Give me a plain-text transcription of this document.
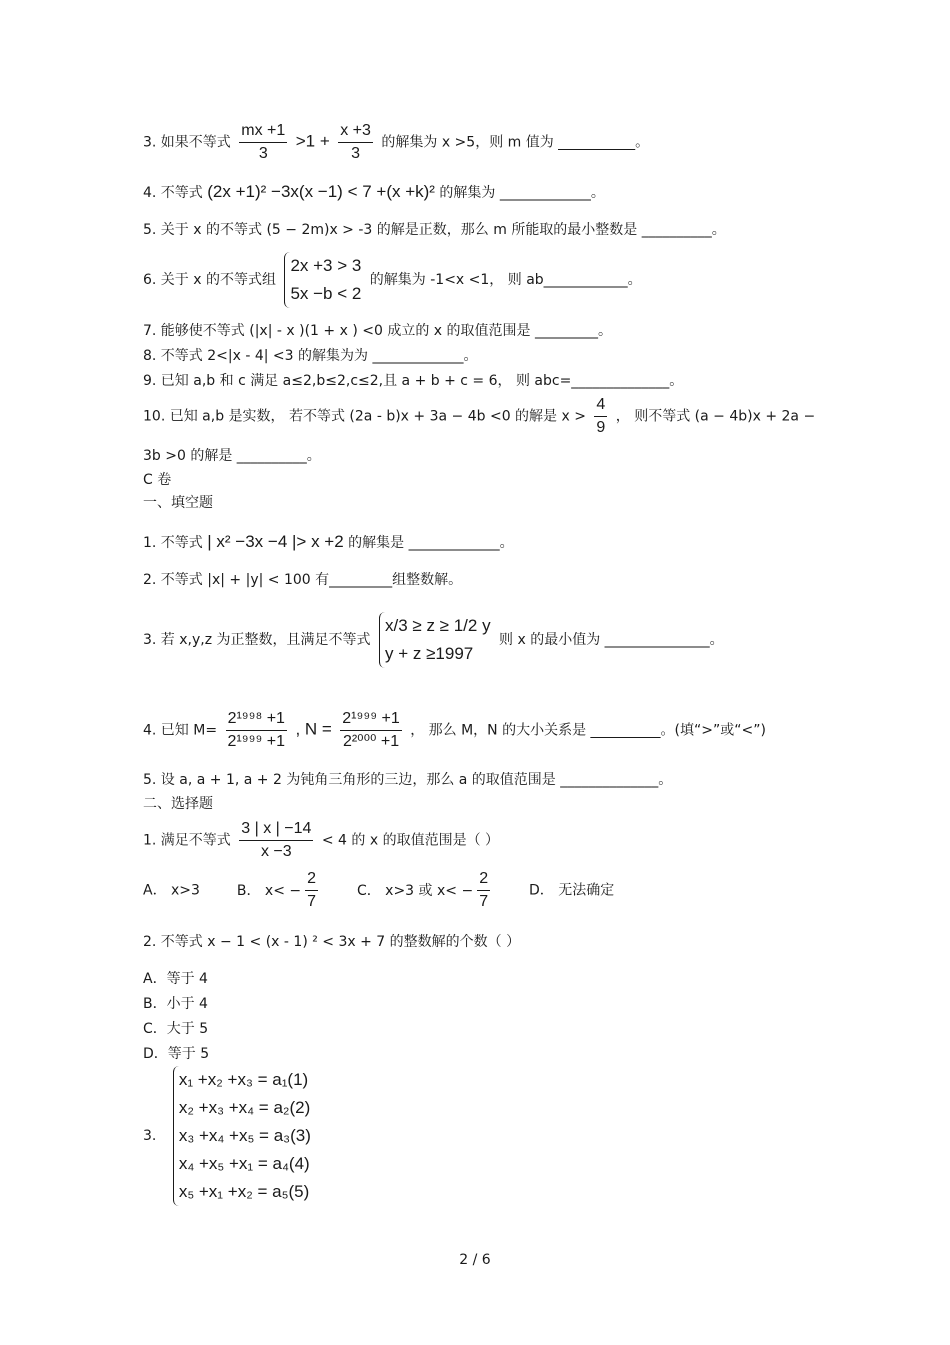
3. 如果不等式 $\frac{mx +1}{3} >1 + \frac{x +3}{3}$ 的解集为 x >5，则 m 值为 ___________。
4. 不等式 (2x +1)² −3x(x −1) < 7 +(x +k)² 的解集为 _____________。
5. 关于 x 的不等式 (5 − 2m)x > -3 的解是正数，那么 m 所能取的最小整数是 __________。
6. 关于 x 的不等式组
2x +3 > 3
5x −b < 2
的解集为 -1<x <1， 则 ab____________。
7. 能够使不等式 (|x| - x )(1 + x ) <0 成立的 x 的取值范围是 _________。
8. 不等式 2<|x - 4| <3 的解集为为 _____________。
9. 已知 a,b 和 c 满足 a≤2,b≤2,c≤2,且 a + b + c = 6， 则 abc=______________。
10. 已知 a,b 是实数， 若不等式 (2a - b)x + 3a − 4b <0 的解是 $x > \frac{4}{9}$ ， 则不等式 (a − 4b)x + 2a −
3b >0 的解是 __________。
C 卷
一、填空题
1. 不等式 | x² −3x −4 |> x +2 的解集是 _____________。
2. 不等式 |x| + |y| < 100 有_________组整数解。
3. 若 x,y,z 为正整数，且满足不等式
x/3 ≥ z ≥ 1/2 y
y + z ≥1997
则 x 的最小值为 _______________。
4. 已知 $M= \frac{\text{2¹⁹⁹⁸ +1}}{\text{2¹⁹⁹⁹ +1}}$ , $N = \frac{\text{2¹⁹⁹⁹ +1}}{\text{2²⁰⁰⁰ +1}}$ ， 那么 M，N 的大小关系是 __________。(填“>”或“<”)
5. 设 a, a + 1, a + 2 为钝角三角形的三边，那么 a 的取值范围是 ______________。
二、选择题
1. 满足不等式 $\frac{3 | x | -14}{x -3} < 4$ 的 x 的取值范围是（ ）
A． x>3	B． $x< - \frac{2}{7}$	C． x>3 或 $x< - \frac{2}{7}$	D． 无法确定
2. 不等式 x − 1 < (x - 1) ² < 3x + 7 的整数解的个数（ ）
A．等于 4
B．小于 4
C．大于 5
D．等于 5
3.
x₁ +x₂ +x₃ = a₁(1)
x₂ +x₃ +x₄ = a₂(2)
x₃ +x₄ +x₅ = a₃(3)
x₄ +x₅ +x₁ = a₄(4)
x₅ +x₁ +x₂ = a₅(5)
2 / 6
